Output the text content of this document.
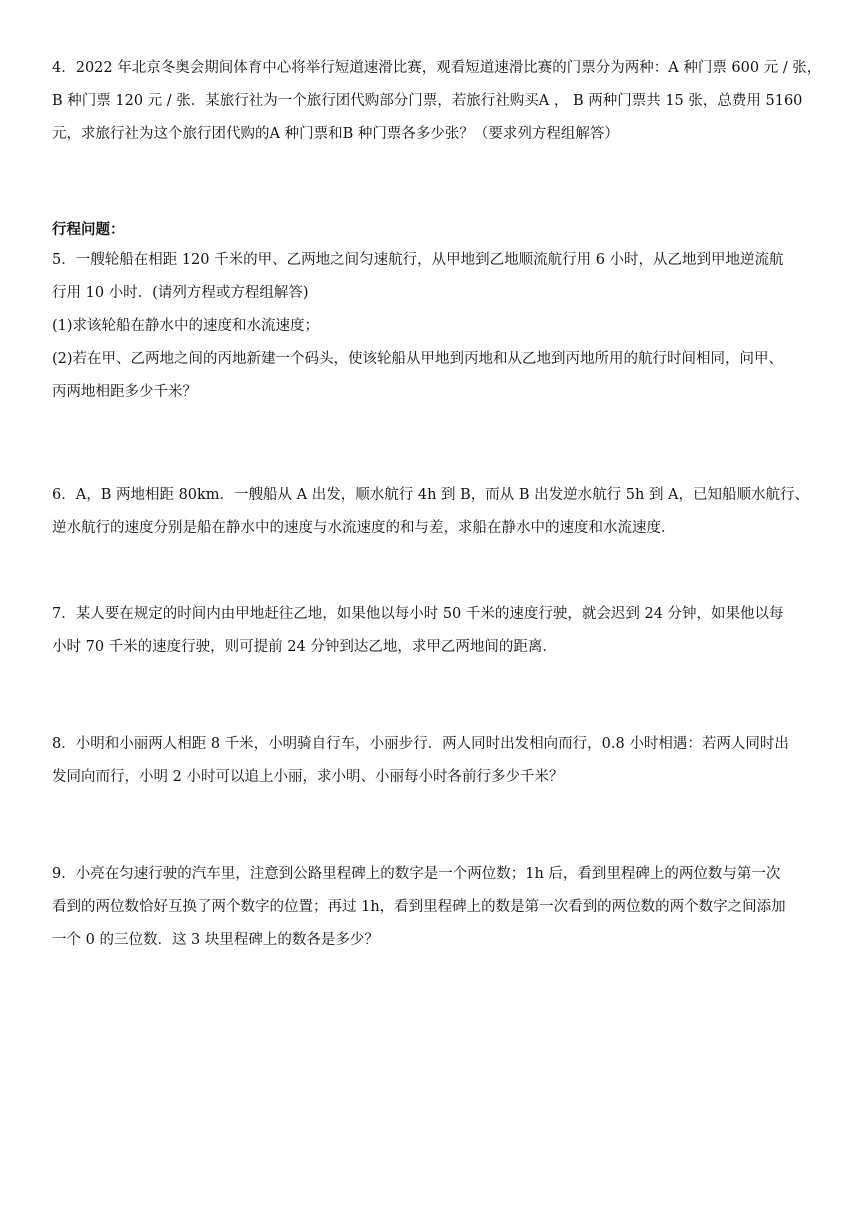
4．2022 年北京冬奥会期间体育中心将举行短道速滑比赛，观看短道速滑比赛的门票分为两种：A 种门票 600 元 / 张，
B 种门票 120 元 / 张．某旅行社为一个旅行团代购部分门票，若旅行社购买A ， B 两种门票共 15 张，总费用 5160
元，求旅行社为这个旅行团代购的A 种门票和B 种门票各多少张？（要求列方程组解答）
行程问题：
5．一艘轮船在相距 120 千米的甲、乙两地之间匀速航行，从甲地到乙地顺流航行用 6 小时，从乙地到甲地逆流航
行用 10 小时．(请列方程或方程组解答)
(1)求该轮船在静水中的速度和水流速度；
(2)若在甲、乙两地之间的丙地新建一个码头，使该轮船从甲地到丙地和从乙地到丙地所用的航行时间相同，问甲、
丙两地相距多少千米？
6．A，B 两地相距 80km．一艘船从 A 出发，顺水航行 4h 到 B，而从 B 出发逆水航行 5h 到 A，已知船顺水航行、
逆水航行的速度分别是船在静水中的速度与水流速度的和与差，求船在静水中的速度和水流速度．
7．某人要在规定的时间内由甲地赶往乙地，如果他以每小时 50 千米的速度行驶，就会迟到 24 分钟，如果他以每
小时 70 千米的速度行驶，则可提前 24 分钟到达乙地，求甲乙两地间的距离．
8．小明和小丽两人相距 8 千米，小明骑自行车，小丽步行．两人同时出发相向而行，0.8 小时相遇：若两人同时出
发同向而行，小明 2 小时可以追上小丽，求小明、小丽每小时各前行多少千米？
9．小亮在匀速行驶的汽车里，注意到公路里程碑上的数字是一个两位数；1h 后，看到里程碑上的两位数与第一次
看到的两位数恰好互换了两个数字的位置；再过 1h，看到里程碑上的数是第一次看到的两位数的两个数字之间添加
一个 0 的三位数．这 3 块里程碑上的数各是多少？
